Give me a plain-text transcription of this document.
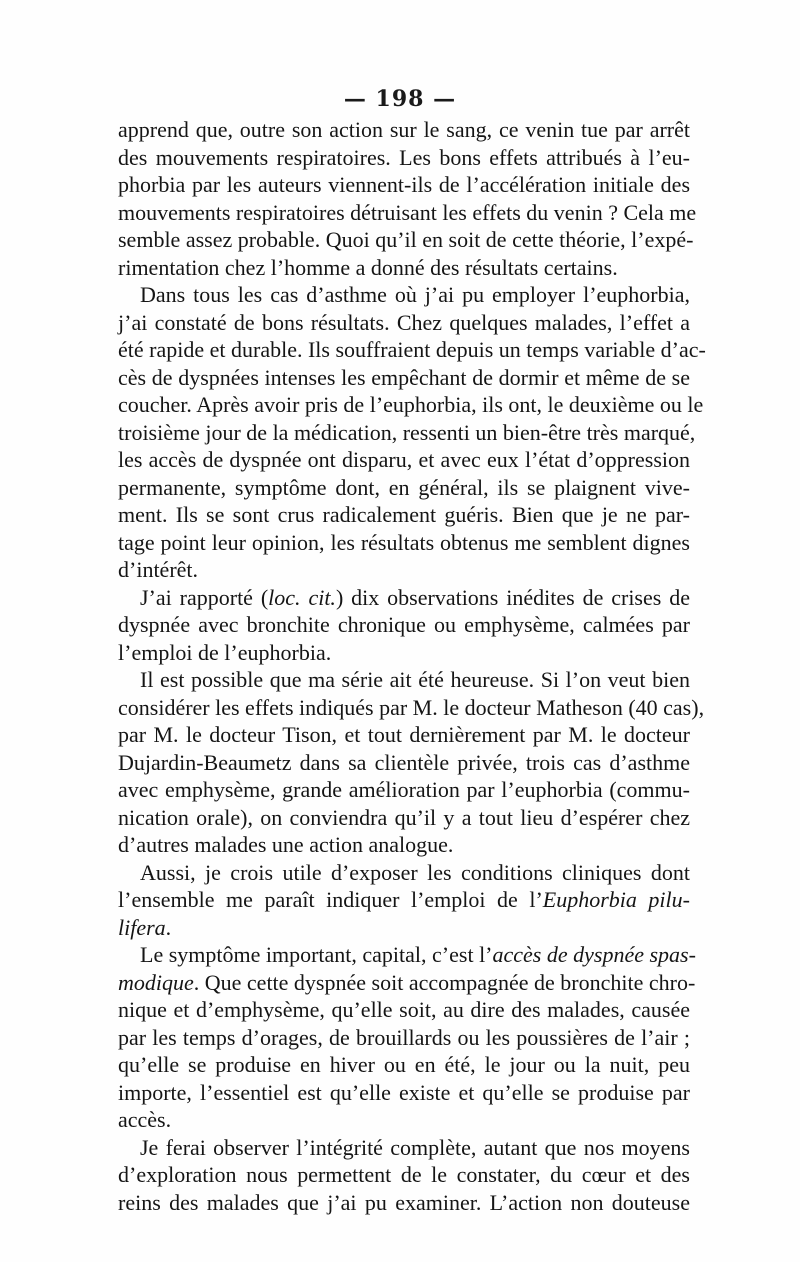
— 198 —
apprend que, outre son action sur le sang, ce venin tue par arrêt
des mouvements respiratoires. Les bons effets attribués à l’eu-
phorbia par les auteurs viennent-ils de l’accélération initiale des
mouvements respiratoires détruisant les effets du venin ? Cela me
semble assez probable. Quoi qu’il en soit de cette théorie, l’expé-
rimentation chez l’homme a donné des résultats certains.
Dans tous les cas d’asthme où j’ai pu employer l’euphorbia,
j’ai constaté de bons résultats. Chez quelques malades, l’effet a
été rapide et durable. Ils souffraient depuis un temps variable d’ac-
cès de dyspnées intenses les empêchant de dormir et même de se
coucher. Après avoir pris de l’euphorbia, ils ont, le deuxième ou le
troisième jour de la médication, ressenti un bien-être très marqué,
les accès de dyspnée ont disparu, et avec eux l’état d’oppression
permanente, symptôme dont, en général, ils se plaignent vive-
ment. Ils se sont crus radicalement guéris. Bien que je ne par-
tage point leur opinion, les résultats obtenus me semblent dignes
d’intérêt.
J’ai rapporté (loc. cit.) dix observations inédites de crises de
dyspnée avec bronchite chronique ou emphysème, calmées par
l’emploi de l’euphorbia.
Il est possible que ma série ait été heureuse. Si l’on veut bien
considérer les effets indiqués par M. le docteur Matheson (40 cas),
par M. le docteur Tison, et tout dernièrement par M. le docteur
Dujardin-Beaumetz dans sa clientèle privée, trois cas d’asthme
avec emphysème, grande amélioration par l’euphorbia (commu-
nication orale), on conviendra qu’il y a tout lieu d’espérer chez
d’autres malades une action analogue.
Aussi, je crois utile d’exposer les conditions cliniques dont
l’ensemble me paraît indiquer l’emploi de l’Euphorbia pilu-
lifera.
Le symptôme important, capital, c’est l’accès de dyspnée spas-
modique. Que cette dyspnée soit accompagnée de bronchite chro-
nique et d’emphysème, qu’elle soit, au dire des malades, causée
par les temps d’orages, de brouillards ou les poussières de l’air ;
qu’elle se produise en hiver ou en été, le jour ou la nuit, peu
importe, l’essentiel est qu’elle existe et qu’elle se produise par
accès.
Je ferai observer l’intégrité complète, autant que nos moyens
d’exploration nous permettent de le constater, du cœur et des
reins des malades que j’ai pu examiner. L’action non douteuse
